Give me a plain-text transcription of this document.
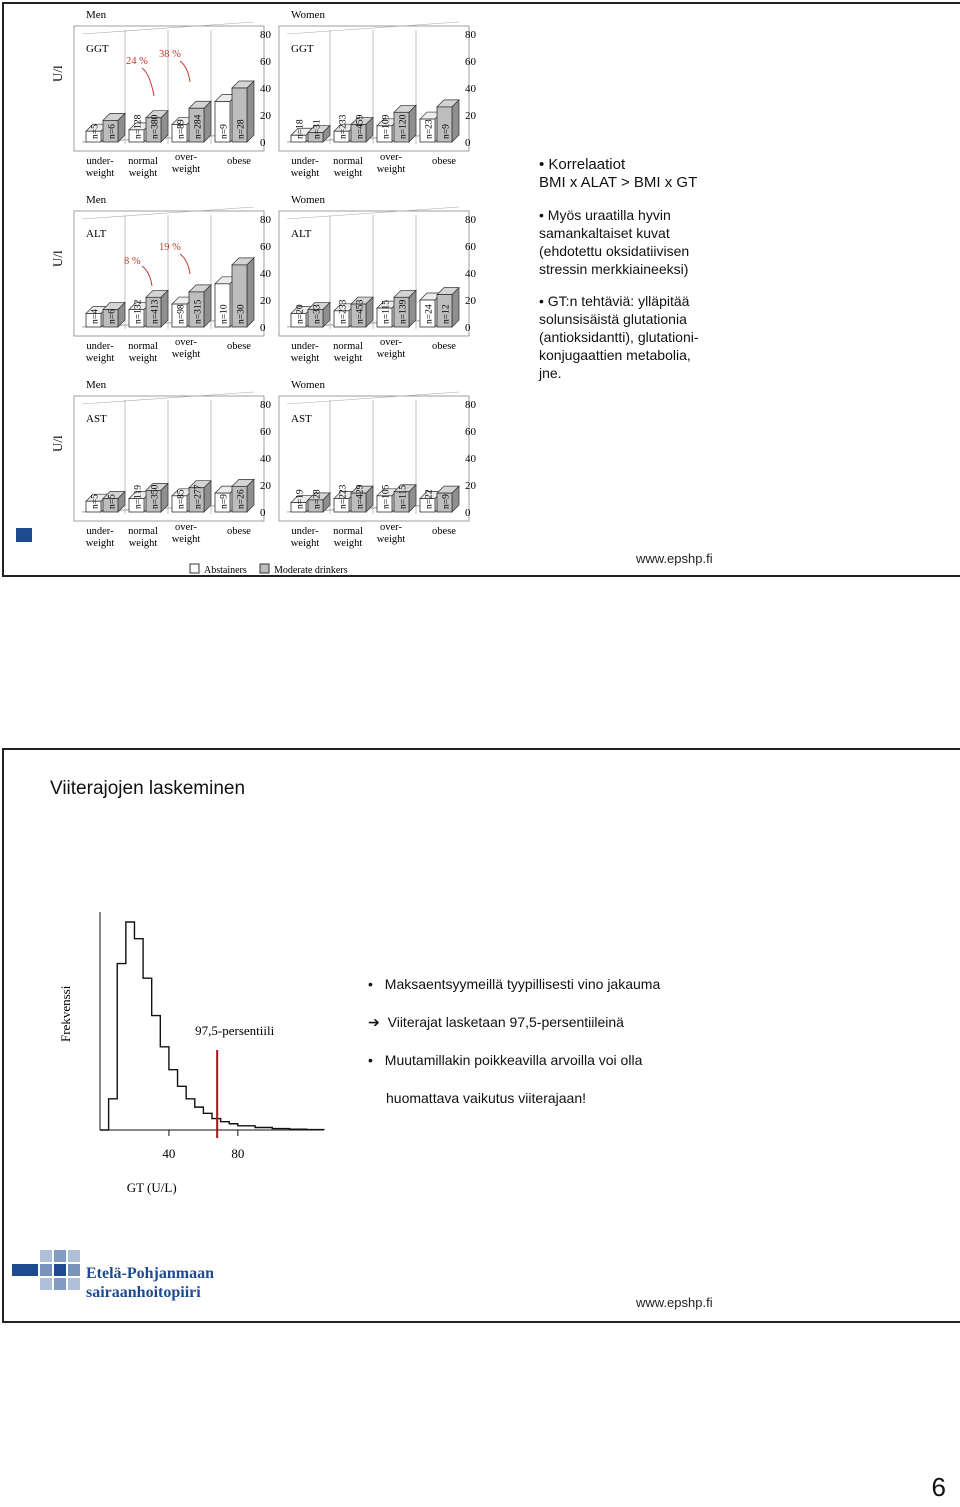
U/l
U/l
U/l
Men
GGT
0
20
40
60
80
n=5 n=6
under-
weight
n=128 n=380
normal
weight
n=89 n=284
over-
weight
n=9 n=28
obese
Women
GGT
0
20
40
60
80
n=18 n=31
under-
weight
n=233 n=459
normal
weight
n=109 n=120
over-
weight
n=23 n=9
obese
Men
ALT
0
20
40
60
80
n=4 n=6
under-
weight
n=132 n=413
normal
weight
n=98 n=315
over-
weight
n=10 n=30
obese
Women
ALT
0
20
40
60
80
n=20 n=33
under-
weight
n=233 n=453
normal
weight
n=115 n=139
over-
weight
n=24 n=12
obese
Men
AST
0
20
40
60
80
n=5 n=5
under-
weight
n=119 n=350
normal
weight
n=85 n=277
over-
weight
n=9 n=26
obese
Women
AST
0
20
40
60
80
n=19 n=28
under-
weight
n=223 n=429
normal
weight
n=105 n=115
over-
weight
n=22 n=9
obese
24 %
38 %
8 %
19 %
Abstainers	Moderate drinkers

• Korrelaatiot
BMI x ALAT > BMI x GT

• Myös uraatilla hyvin
samankaltaiset kuvat
(ehdotettu oksidatiivisen
stressin merkkiaineeksi)

• GT:n tehtäviä: ylläpitää
solunsisäistä glutationia
(antioksidantti), glutationi-
konjugaattien metabolia,
jne.

www.epshp.fi
Viiterajojen laskeminen
40	80
97,5-persentiili
Frekvenssi
GT (U/L)
• Maksaentsyymeillä tyypillisesti vino jakauma
➔ Viiterajat lasketaan 97,5-persentiileinä
• Muutamillakin poikkeavilla arvoilla voi olla
huomattava vaikutus viiterajaan!
Etelä-Pohjanmaan
sairaanhoitopiiri
www.epshp.fi
6
